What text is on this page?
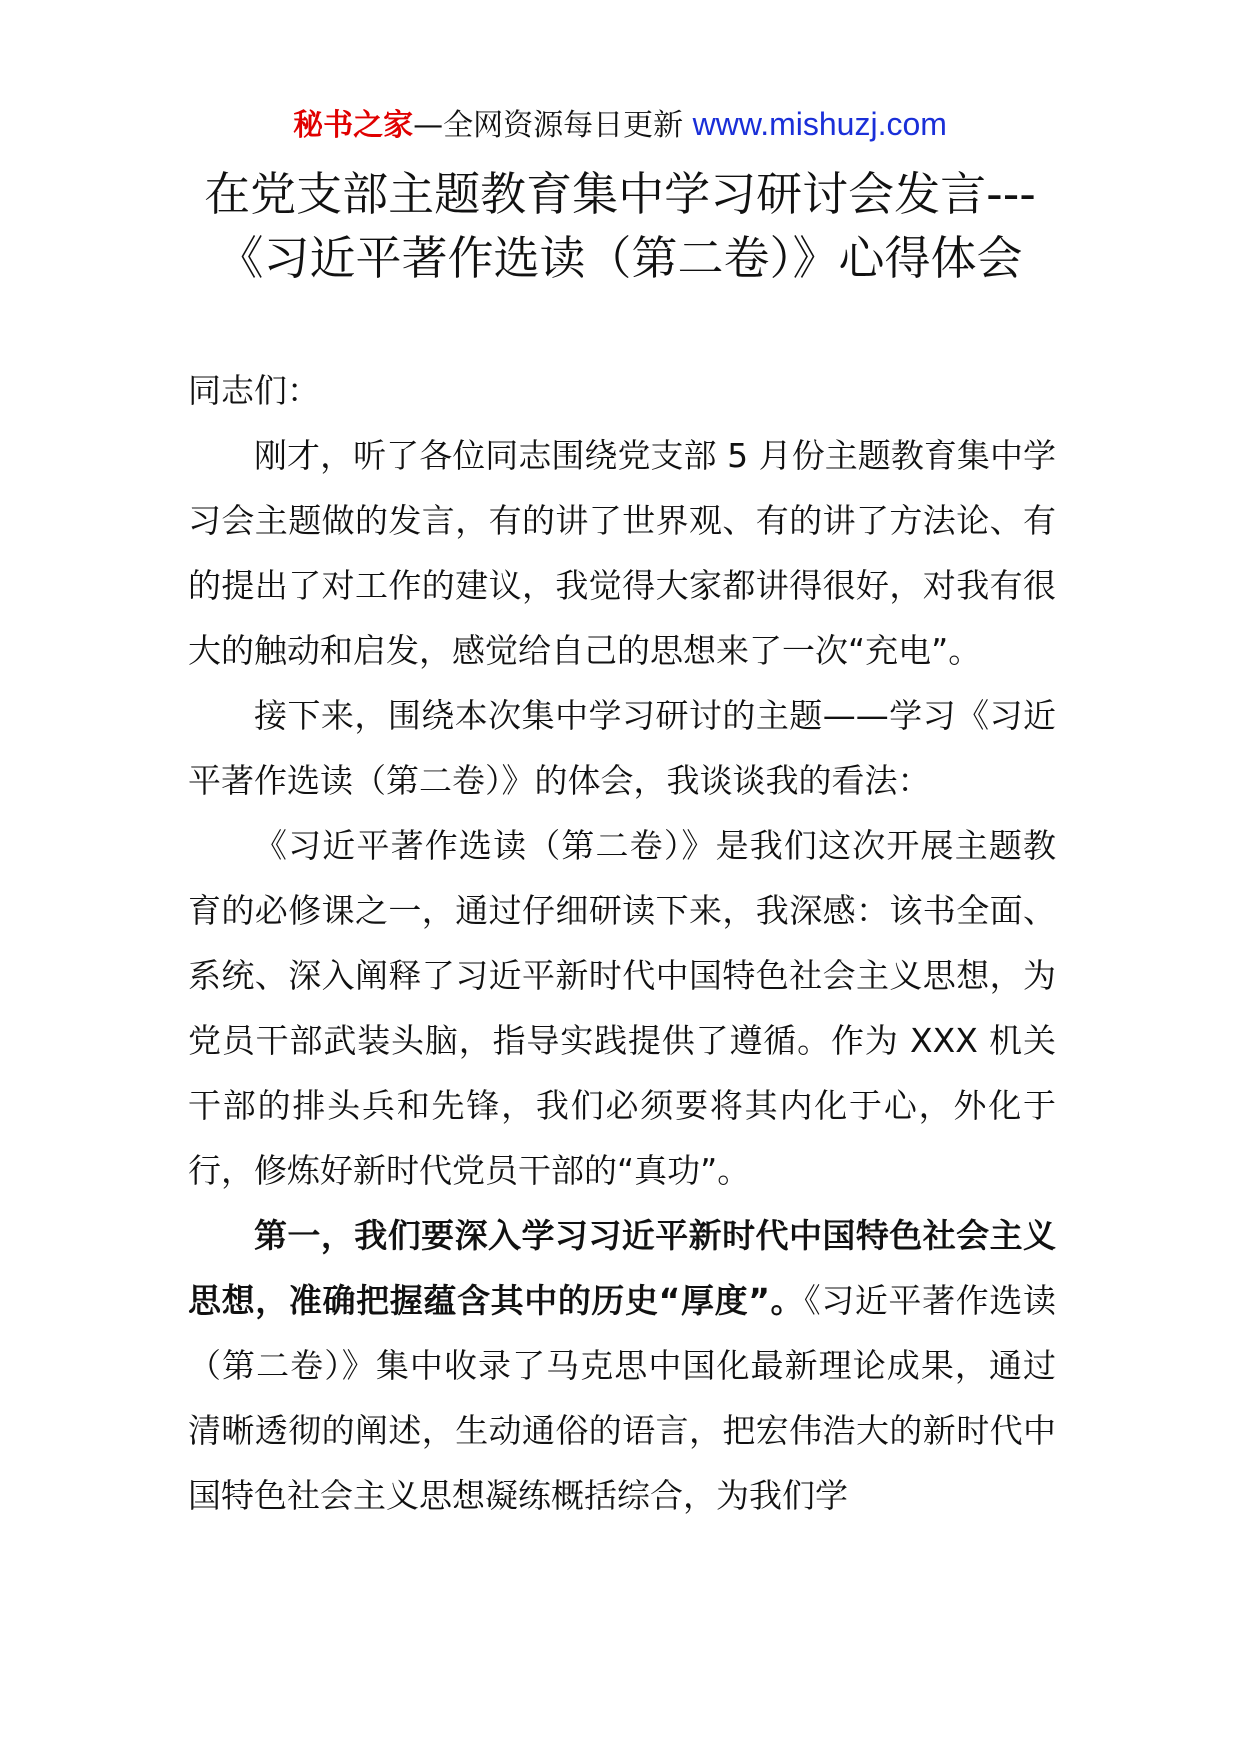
秘书之家—全网资源每日更新 www.mishuzj.com
在党支部主题教育集中学习研讨会发言---
《习近平著作选读（第二卷）》心得体会

同志们：

刚才，听了各位同志围绕党支部 5 月份主题教育集中学习会主题做的发言，有的讲了世界观、有的讲了方法论、有的提出了对工作的建议，我觉得大家都讲得很好，对我有很大的触动和启发，感觉给自己的思想来了一次“充电”。

接下来，围绕本次集中学习研讨的主题——学习《习近平著作选读（第二卷）》的体会，我谈谈我的看法：

《习近平著作选读（第二卷）》是我们这次开展主题教育的必修课之一，通过仔细研读下来，我深感：该书全面、系统、深入阐释了习近平新时代中国特色社会主义思想，为党员干部武装头脑，指导实践提供了遵循。作为 XXX 机关干部的排头兵和先锋，我们必须要将其内化于心，外化于行，修炼好新时代党员干部的“真功”。

第一，我们要深入学习习近平新时代中国特色社会主义思想，准确把握蕴含其中的历史“厚度”。《习近平著作选读（第二卷）》集中收录了马克思中国化最新理论成果，通过清晰透彻的阐述，生动通俗的语言，把宏伟浩大的新时代中国特色社会主义思想凝练概括综合，为我们学
